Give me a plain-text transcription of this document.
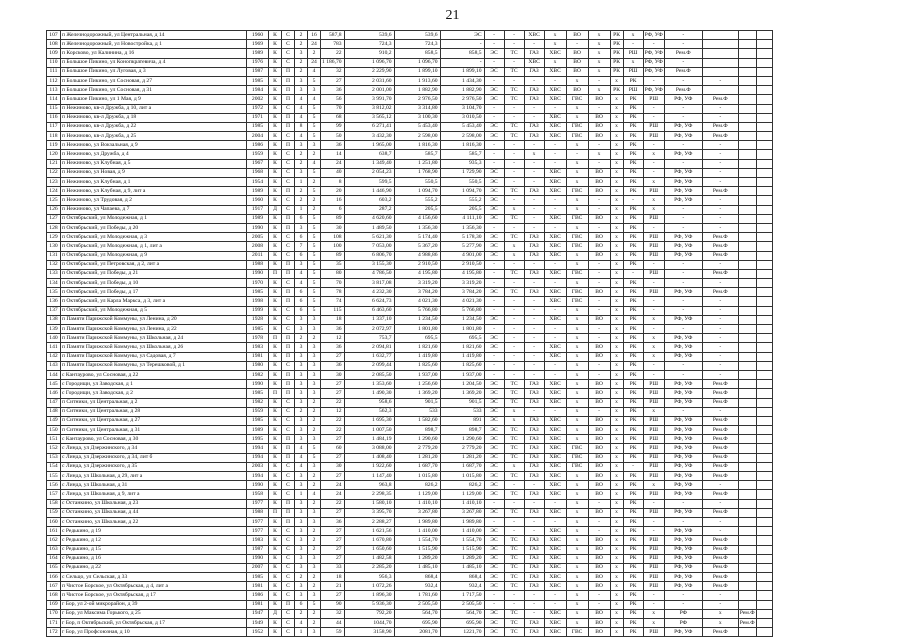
21
107	п Железнодорожный, ул Центральная, д 14	1960	К	С	2	16	587,8	539,6	539,6	ЭС	-	-	ХВС	х	ВО	х	РК	х	РФ, УФ	-			
108	п Железнодорожный, ул Новостройка, д 1	1969	К	С	2	24	783	724,3	724,3	-	-	-	-	х	-	х	РК	-	-	-			
109	п Корсково, ул Калинина, д 16	1989	К	С	3	2	22	910,2	858,5	858,5	ЭС	ТС	ГАЗ	ХВС	ВО	х	РК	РШ	РФ, УФ	Рем.Ф			
110	п Большое Пикино, ул Конопкратевича, д 4	1976	К	С	2	24	1 186,70	1 096,70	1 096,70	-	-	-	ХВС	х	ВО	х	РК	х	РФ, УФ	-			
111	п Большое Пикино, ул Луговая, д 3	1987	К	П	2	4	32	2 229,90	1 899,10	1 899,10	ЭС	ТС	ГАЗ	ХВС	ВО	х	РК	РШ	РФ, УФ	Рем.Ф			
112	п Большое Пикино, ул Сосновая, д 27	1985	К	П	3	5	27	2 031,60	1 913,60	1 434,30	-	-	-	-	х	-	х	РК	-	-	-		
113	п Большое Пикино, ул Сосновая, д 31	1984	К	П	3	3	36	2 001,00	1 882,90	1 882,90	ЭС	ТС	ГАЗ	ХВС	ВО	х	РК	РШ	РФ, УФ	Рем.Ф			
114	п Большое Пикино, ул 1 Мая, д 9	2002	К	П	4	4	56	3 991,70	2 976,50	2 976,50	ЭС	ТС	ГАЗ	ХВС	ГВС	ВО	х	РК	РШ	РФ, УФ	Рем.Ф		
115	п Нежиново, кв-л Дружба, д 10, лит а	1972	К	С	4	5	70	3 812,02	3 314,80	3 104,70	-	-	-	-	х	-	х	РК	-	-	-		
116	п Нежиново, кв-л Дружба, д 18	1971	К	П	4	5	68	3 565,12	3 100,30	3 010,50	-	-	-	ХВС	х	ВО	х	РК	-	-	-		
117	п Нежиново, кв-л Дружба, д 22	1985	К	П	8	5	99	6 271,41	5 453,40	5 453,40	ЭС	ТС	ГАЗ	ХВС	ГВС	ВО	х	РК	РШ	РФ, УФ	Рем.Ф		
118	п Нежиново, кв-л Дружба, д 25	2004	К	С	4	5	50	3 432,30	2 598,00	2 598,00	ЭС	ТС	ГАЗ	ХВС	ГВС	ВО	х	РК	РШ	РФ, УФ	Рем.Ф		
119	п Нежиново, ул Вокзальная, д 9	1986	К	П	3	3	36	1 965,00	1 816,30	1 816,30	-	-	-	-	х	-	х	РК	-	-	-		
120	п Нежиново, ул Дружба, д 4	1959	К	С	2	2	14	638,7	585,7	585,7	-	-	х	-	-	х	х	РК	х	РФ, УФ	-		
121	п Нежиново, ул Клубная, д 5	1967	К	С	2	4	24	1 349,40	1 251,80	935,3	-	-	-	-	х	-	х	РК	-	-	-		
122	п Нежиново, ул Новая, д 9	1968	К	С	3	5	40	2 054,23	1 768,90	1 729,90	ЭС	-	-	ХВС	х	ВО	х	РК	-	РФ, УФ	-		
123	п Нежиново, ул Клубная, д 1	1954	К	С	1	2	8	599,5	550,5	550,5	ЭС	-	-	ХВС	х	ВО	х	РК	х	РФ, УФ	-		
124	п Нежиново, ул Клубная, д 9, лит а	1989	К	П	2	5	20	1 446,90	1 094,70	1 094,70	ЭС	ТС	ГАЗ	ХВС	ГВС	ВО	х	РК	РШ	РФ, УФ	Рем.Ф		
125	п Нежиново, ул Трудовая, д 2	1960	К	С	2	2	16	603,2	555,2	555,2	ЭС	-	-	-	х	-	х	-	х	РФ, УФ	-		
126	п Нежиново, ул Чапаева, д 7	1917	Д	С	1	2	6	287,2	205,5	205,5	ЭС	х	-	-	х	-	х	РК	х	-	-		
127	п Октябрьский, ул Молодежная, д 1	1989	К	П	6	5	89	4 620,60	4 156,60	4 111,10	ЭС	ТС	-	ХВС	ГВС	ВО	х	РК	РШ	-	-		
128	п Октябрьский, ул Победы, д 20	1990	К	П	3	5	30	1 489,50	1 356,30	1 356,30	-	-	-	-	х	-	х	РК	-	-	-		
129	п Октябрьский, ул Молодежная, д 3	2005	К	С	6	5	108	5 621,30	5 174,40	5 178,30	ЭС	ТС	ГАЗ	ХВС	ГВС	ВО	х	РК	РШ	РФ, УФ	Рем.Ф		
130	п Октябрьский, ул Молодежная, д 1, лит а	2008	К	С	7	5	100	7 053,00	5 367,20	5 277,90	ЭС	х	ГАЗ	ХВС	ГВС	ВО	х	РК	РШ	РФ, УФ	Рем.Ф		
131	п Октябрьский, ул Молодежная, д 9	2011	К	С	6	5	89	6 806,70	4 988,86	4 901,00	ЭС	х	ГАЗ	ХВС	х	ВО	х	РК	РШ	РФ, УФ	Рем.Ф		
132	п Октябрьский, ул Петровская, д 2, лит а	1988	К	П	3	5	35	3 155,30	2 910,50	2 910,50	-	-	-	-	х	-	х	РК	-	-	-		
133	п Октябрьский, ул Победы, д 21	1990	П	П	4	5	80	4 786,50	4 195,80	4 195,80	-	ТС	ГАЗ	ХВС	ГВС	-	х	-	РШ	-	Рем.Ф		
134	п Октябрьский, ул Победы, д 10	1970	К	С	4	5	70	3 817,08	3 319,20	3 319,20	-	-	-	-	х	-	х	РК	-	-	-		
135	п Октябрьский, ул Победы, д 17	1985	К	П	6	5	78	4 232,30	3 784,20	3 784,20	ЭС	ТС	ГАЗ	ХВС	ГВС	ВО	х	РК	РШ	РФ, УФ	Рем.Ф		
136	п Октябрьский, ул Карла Маркса, д 3, лит а	1998	К	П	6	5	74	6 624,73	4 021,30	4 021,30	-	-	-	ХВС	ГВС	-	х	РК	-	-	-		
137	п Октябрьский, ул Молодежная, д 5	1999	К	С	6	5	115	6 463,60	5 766,80	5 766,80	-	-	-	-	х	-	х	РК	-	-	-		
138	п Памяти Парижской Коммуны, ул Ленина, д 20	1928	К	С	3	3	18	1 337,10	1 234,50	1 234,50	ЭС	-	-	ХВС	х	ВО	х	РК	х	РФ, УФ	-		
139	п Памяти Парижской Коммуны, ул Ленина, д 22	1985	К	С	3	3	36	2 072,97	1 801,80	1 801,80	-	-	-	-	х	-	х	РК	-	-	-		
140	п Памяти Парижской Коммуны, ул Школьная, д 24	1978	П	П	2	2	12	753,7	695,5	695,5	ЭС	-	-	-	х	-	х	РК	х	РФ, УФ	-		
141	п Памяти Парижской Коммуны, ул Школьная, д 26	1983	К	П	3	3	36	2 094,81	1 821,60	1 821,60	ЭС	-	-	ХВС	х	ВО	х	РК	х	РФ, УФ	-		
142	п Памяти Парижской Коммуны, ул Садовая, д 7	1981	К	П	3	3	27	1 632,77	1 419,80	1 419,80	-	-	-	ХВС	х	ВО	х	РК	х	РФ, УФ	-		
143	п Памяти Парижской Коммуны, ул Терешковой, д 1	1980	К	С	3	3	36	2 099,44	1 825,60	1 825,60	-	-	-	-	х	-	х	РК	-	-	-		
144	с Кантаурово, ул Сосновая, д 22	1982	К	П	3	3	30	2 085,50	1 937,00	1 937,00	-	-	-	-	х	-	х	РК	-	-	-		
145	с Городищи, ул Заводская, д 1	1990	К	П	3	3	27	1 353,60	1 256,60	1 204,50	ЭС	ТС	ГАЗ	ХВС	х	ВО	х	РК	РШ	РФ, УФ	Рем.Ф		
146	с Городищи, ул Заводская, д 2	1985	П	П	3	3	27	1 490,30	1 369,20	1 369,20	ЭС	ТС	ГАЗ	ХВС	х	ВО	х	РК	РШ	РФ, УФ	Рем.Ф		
147	п Ситники, ул Центральная, д 2	1982	К	С	3	2	22	958,6	901,5	901,5	ЭС	ТС	ГАЗ	ХВС	х	ВО	х	РК	РШ	РФ, УФ	Рем.Ф		
148	п Ситники, ул Центральная, д 28	1959	К	С	2	2	12	562,3	533	533	ЭС	х	-	-	х	-	х	РК	х	-	-		
149	п Ситники, ул Центральная, д 27	1985	К	С	3	2	22	1 695,30	1 582,60	891	ЭС	х	ГАЗ	ХВС	х	ВО	х	РК	РШ	РФ, УФ	Рем.Ф		
150	п Ситники, ул Центральная, д 31	1989	К	С	3	2	22	1 007,50	898,7	898,7	ЭС	ТС	ГАЗ	ХВС	х	ВО	х	РК	РШ	РФ, УФ	Рем.Ф		
151	с Кантаурово, ул Сосновая, д 30	1995	К	П	3	3	27	1 484,19	1 290,60	1 290,60	ЭС	ТС	ГАЗ	ХВС	х	ВО	х	РК	РШ	РФ, УФ	Рем.Ф		
152	с Линда, ул Дзержинского, д 34	1994	К	П	4	5	60	3 088,00	2 779,20	2 779,20	ЭС	ТС	ГАЗ	ХВС	ГВС	ВО	х	РК	РШ	РФ, УФ	Рем.Ф		
153	с Линда, ул Дзержинского, д 34, лит б	1994	К	П	4	5	27	1 408,40	1 281,20	1 281,20	ЭС	ТС	ГАЗ	ХВС	ГВС	ВО	х	РК	РШ	РФ, УФ	Рем.Ф		
154	с Линда, ул Дзержинского, д 35	2003	К	С	4	3	30	1 922,60	1 687,70	1 687,70	ЭС	х	ГАЗ	ХВС	ГВС	ВО	х	-	РШ	РФ, УФ	Рем.Ф		
155	с Линда, ул Школьная, д 29, лит а	1994	К	С	3	2	27	1 147,40	1 015,80	1 015,80	ЭС	ТС	ГАЗ	ХВС	х	ВО	х	РК	РШ	РФ, УФ	Рем.Ф		
156	с Линда, ул Школьная, д 31	1990	К	С	3	2	24	963,8	826,2	826,2	ЭС	-	-	ХВС	х	ВО	х	РК	х	РФ, УФ	-		
157	с Линда, ул Школьная, д 9, лит а	1958	К	С	1	4	24	2 298,35	1 129,00	1 129,00	ЭС	ТС	ГАЗ	ХВС	х	ВО	х	РК	РШ	РФ, УФ	Рем.Ф		
158	с Останкино, ул Школьная, д 23	1977	К	П	3	2	22	1 580,10	1 410,10	1 410,10	-	-	-	-	х	-	х	РК	-	-	-		
159	с Останкино, ул Школьная, д 44	1988	П	П	3	3	27	3 395,70	3 267,80	3 267,80	ЭС	ТС	ГАЗ	ХВС	х	ВО	х	РК	РШ	РФ, УФ	Рем.Ф		
160	с Останкино, ул Школьная, д 22	1977	К	П	3	3	36	2 288,27	1 989,80	1 989,80	-	-	-	-	х	-	х	РК	-	-	-		
161	с Редькино, д 19	1977	К	С	3	2	27	1 621,56	1 410,00	1 410,00	ЭС	-	-	ХВС	х	-	х	РК	-	РФ, УФ	-		
162	с Редькино, д 12	1983	К	С	3	2	27	1 670,80	1 554,70	1 554,70	ЭС	ТС	ГАЗ	ХВС	х	ВО	х	РК	РШ	РФ, УФ	Рем.Ф		
163	с Редькино, д 15	1987	К	С	3	2	27	1 650,60	1 515,90	1 515,90	ЭС	ТС	ГАЗ	ХВС	х	ВО	х	РК	РШ	РФ, УФ	Рем.Ф		
164	с Редькино, д 16	1990	К	С	3	3	27	1 482,58	1 289,20	1 289,20	ЭС	ТС	ГАЗ	ХВС	х	ВО	х	РК	РШ	РФ, УФ	Рем.Ф		
165	с Редькино, д 22	2007	К	С	3	3	33	2 285,20	1 485,10	1 485,10	ЭС	ТС	ГАЗ	ХВС	х	ВО	х	РК	РШ	РФ, УФ	Рем.Ф		
166	с Сельцо, ул Сельская, д 33	1985	К	С	2	2	18	956,3	868,4	868,4	ЭС	ТС	ГАЗ	ХВС	х	ВО	х	РК	РШ	РФ, УФ	Рем.Ф		
167	п Чистое Борское, ул Октябрьская, д 4, лит а	1981	К	С	3	2	21	1 072,26	932,4	932,4	ЭС	ТС	ГАЗ	ХВС	х	ВО	х	РК	РШ	РФ, УФ	Рем.Ф		
168	п Чистое Борское, ул Октябрьская, д 17	1986	К	С	3	3	27	1 896,30	1 781,60	1 717,50	-	-	-	-	х	-	х	РК	-	-	-		
169	г Бор, ул 2-ой микрорайон, д 39	1981	К	П	6	5	90	5 936,30	2 505,50	2 505,50	-	-	-	-	х	-	х	РК	-	-	-		
170	г Бор, ул Максима Горького, д 25	1947	Д	С	2	2	32	792,20	564,70	564,70	ЭС	ТС	-	ХВС	х	ВО	х	РК	х	РФ	х	Рем.Ф	
171	г Бор, п Октябрьский, ул Октябрьская, д 17	1949	К	С	4	2	44	1044,70	695,90	695,90	ЭС	ТС	ГАЗ	ХВС	х	ВО	х	РК	х	РФ	х	Рем.Ф	
172	г Бор, ул Профсоюзная, д 10	1952	К	С	1	3	59	3158,90	2081,70	1221,70	ЭС	ТС	ГАЗ	ХВС	ГВС	ВО	х	РК	РШ	РФ, УФ	Рем.Ф		
